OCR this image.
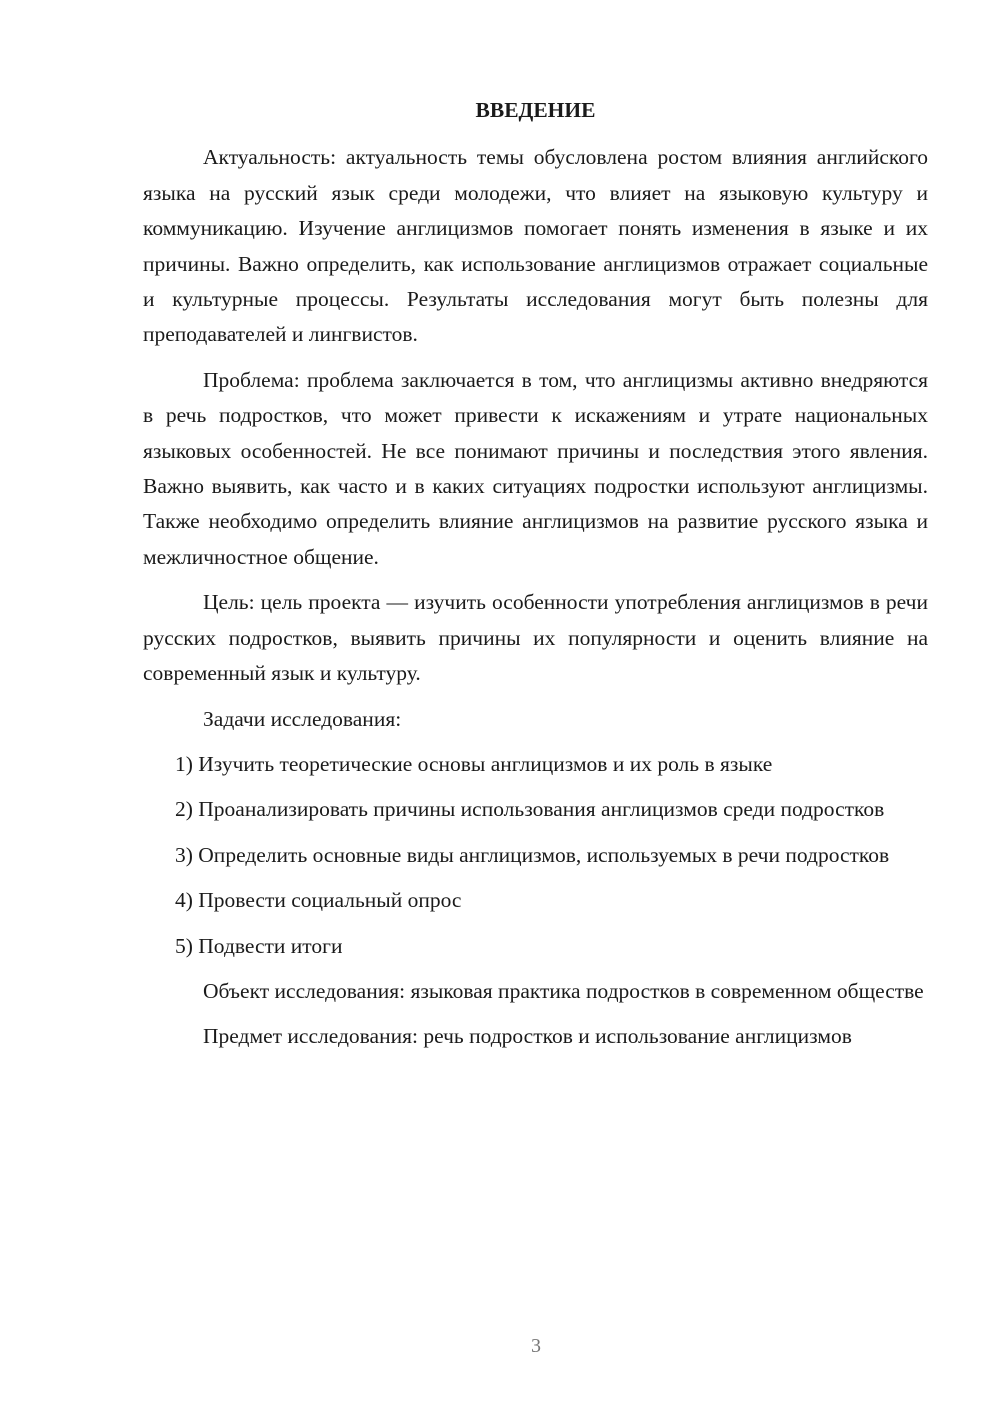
ВВЕДЕНИЕ

Актуальность: актуальность темы обусловлена ростом влияния английского языка на русский язык среди молодежи, что влияет на языковую культуру и коммуникацию. Изучение англицизмов помогает понять изменения в языке и их причины. Важно определить, как использование англицизмов отражает социальные и культурные процессы. Результаты исследования могут быть полезны для преподавателей и лингвистов.

Проблема: проблема заключается в том, что англицизмы активно внедряются в речь подростков, что может привести к искажениям и утрате национальных языковых особенностей. Не все понимают причины и последствия этого явления. Важно выявить, как часто и в каких ситуациях подростки используют англицизмы. Также необходимо определить влияние англицизмов на развитие русского языка и межличностное общение.

Цель: цель проекта — изучить особенности употребления англицизмов в речи русских подростков, выявить причины их популярности и оценить влияние на современный язык и культуру.

Задачи исследования:

1) Изучить теоретические основы англицизмов и их роль в языке

2) Проанализировать причины использования англицизмов среди подростков

3) Определить основные виды англицизмов, используемых в речи подростков

4) Провести социальный опрос

5) Подвести итоги

Объект исследования: языковая практика подростков в современном обществе

Предмет исследования: речь подростков и использование англицизмов

3
